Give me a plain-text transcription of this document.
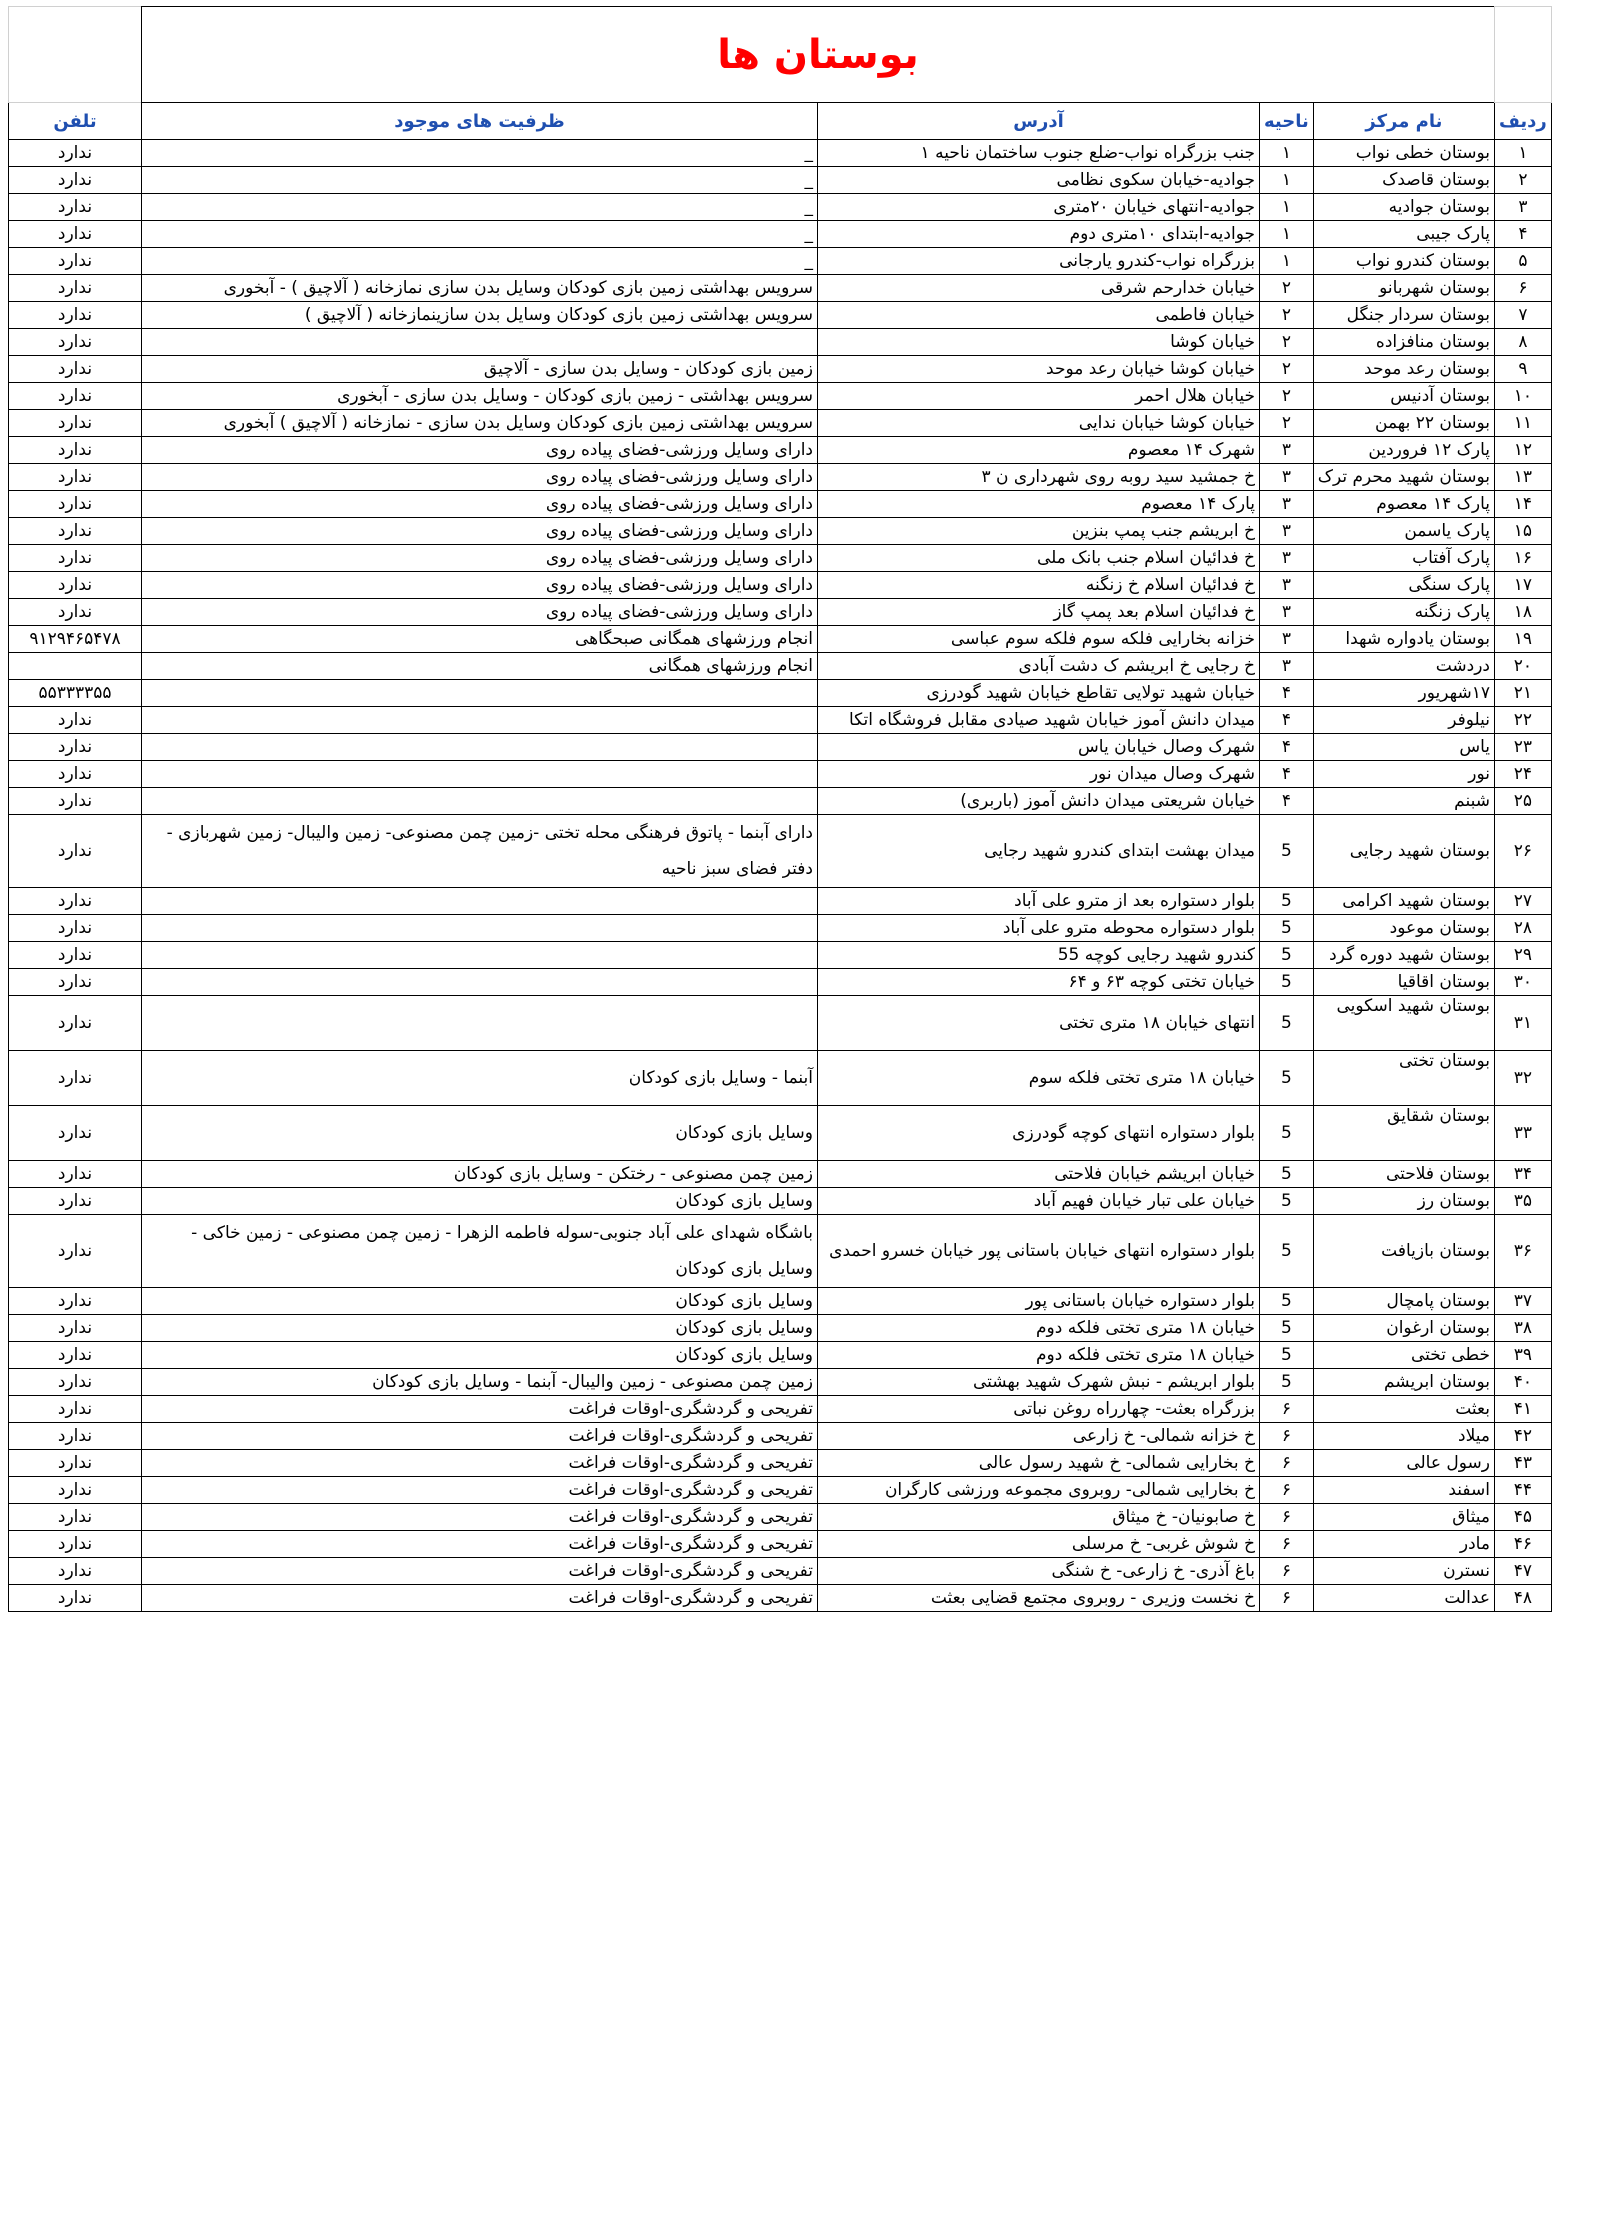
	بوستان ها				
ردیف	نام مرکز	ناحیه	آدرس	ظرفیت های موجود	تلفن
۱	بوستان خطی نواب	۱	جنب بزرگراه نواب-ضلع جنوب ساختمان ناحیه ۱	_	ندارد
۲	بوستان قاصدک	۱	جوادیه-خیابان سکوی نظامی	_	ندارد
۳	بوستان جوادیه	۱	جوادیه-انتهای خیابان ۲۰متری	_	ندارد
۴	پارک جیبی	۱	جوادیه-ابتدای ۱۰متری دوم	_	ندارد
۵	بوستان کندرو نواب	۱	بزرگراه نواب-کندرو یارجانی	_	ندارد
۶	بوستان شهربانو	۲	خیابان خدارحم شرقی	سرویس بهداشتی زمین بازی کودکان وسایل بدن سازی نمازخانه ( آلاچیق ) - آبخوری	ندارد
۷	بوستان سردار جنگل	۲	خیابان فاطمی	سرویس بهداشتی زمین بازی کودکان وسایل بدن سازینمازخانه ( آلاچیق )	ندارد
۸	بوستان منافزاده	۲	خیابان کوشا		ندارد
۹	بوستان رعد موحد	۲	خیابان کوشا خیابان رعد موحد	زمین بازی کودکان - وسایل بدن سازی - آلاچیق	ندارد
۱۰	بوستان آدنیس	۲	خیابان هلال احمر	سرویس بهداشتی - زمین بازی کودکان - وسایل بدن سازی - آبخوری	ندارد
۱۱	بوستان ۲۲ بهمن	۲	خیابان کوشا خیابان ندایی	سرویس بهداشتی زمین بازی کودکان وسایل بدن سازی - نمازخانه ( آلاچیق ) آبخوری	ندارد
۱۲	پارک ۱۲ فروردین	۳	شهرک ۱۴ معصوم	دارای وسایل ورزشی-فضای پیاده روی	ندارد
۱۳	بوستان شهید محرم ترک	۳	خ جمشید سید روبه روی شهرداری ن ۳	دارای وسایل ورزشی-فضای پیاده روی	ندارد
۱۴	پارک ۱۴ معصوم	۳	پارک ۱۴ معصوم	دارای وسایل ورزشی-فضای پیاده روی	ندارد
۱۵	پارک یاسمن	۳	خ ابریشم جنب پمپ بنزین	دارای وسایل ورزشی-فضای پیاده روی	ندارد
۱۶	پارک آفتاب	۳	خ فدائیان اسلام جنب بانک ملی	دارای وسایل ورزشی-فضای پیاده روی	ندارد
۱۷	پارک سنگی	۳	خ فدائیان اسلام خ زنگنه	دارای وسایل ورزشی-فضای پیاده روی	ندارد
۱۸	پارک زنگنه	۳	خ فدائیان اسلام بعد پمپ گاز	دارای وسایل ورزشی-فضای پیاده روی	ندارد
۱۹	بوستان یادواره شهدا	۳	خزانه بخارایی فلکه سوم فلکه سوم عباسی	انجام ورزشهای همگانی صبحگاهی	۹۱۲۹۴۶۵۴۷۸
۲۰	دردشت	۳	خ رجایی خ ابریشم ک دشت آبادی	انجام ورزشهای همگانی	
۲۱	۱۷شهریور	۴	خیابان شهید تولایی تقاطع خیابان شهید گودرزی		۵۵۳۳۳۳۵۵
۲۲	نیلوفر	۴	میدان دانش آموز خیابان شهید صیادی مقابل فروشگاه اتکا		ندارد
۲۳	یاس	۴	شهرک وصال خیابان یاس		ندارد
۲۴	نور	۴	شهرک وصال میدان نور		ندارد
۲۵	شبنم	۴	خیابان شریعتی میدان دانش آموز (باربری)		ندارد
۲۶	بوستان شهید رجایی	5	میدان بهشت ابتدای کندرو شهید رجایی	دارای آبنما - پاتوق فرهنگی محله تختی -زمین چمن مصنوعی- زمین والیبال- زمین شهربازی - دفتر فضای سبز ناحیه	ندارد
۲۷	بوستان شهید اکرامی	5	بلوار دستواره بعد از مترو علی آباد		ندارد
۲۸	بوستان موعود	5	بلوار دستواره محوطه مترو علی آباد		ندارد
۲۹	بوستان شهید دوره گرد	5	کندرو شهید رجایی کوچه 55		ندارد
۳۰	بوستان اقاقیا	5	خیابان تختی کوچه ۶۳ و ۶۴		ندارد
۳۱	بوستان شهید اسکویی	5	انتهای خیابان ۱۸ متری تختی		ندارد
۳۲	بوستان تختی	5	خیابان ۱۸ متری تختی فلکه سوم	آبنما - وسایل بازی کودکان	ندارد
۳۳	بوستان شقایق	5	بلوار دستواره انتهای کوچه گودرزی	وسایل بازی کودکان	ندارد
۳۴	بوستان فلاحتی	5	خیابان ابریشم خیابان فلاحتی	زمین چمن مصنوعی - رختکن - وسایل بازی کودکان	ندارد
۳۵	بوستان رز	5	خیابان علی تبار خیابان فهیم آباد	وسایل بازی کودکان	ندارد
۳۶	بوستان بازیافت	5	بلوار دستواره انتهای خیابان باستانی پور خیابان خسرو احمدی	باشگاه شهدای علی آباد جنوبی-سوله فاطمه الزهرا - زمین چمن مصنوعی - زمین خاکی - وسایل بازی کودکان	ندارد
۳۷	بوستان پامچال	5	بلوار دستواره خیابان باستانی پور	وسایل بازی کودکان	ندارد
۳۸	بوستان ارغوان	5	خیابان ۱۸ متری تختی فلکه دوم	وسایل بازی کودکان	ندارد
۳۹	خطی تختی	5	خیابان ۱۸ متری تختی فلکه دوم	وسایل بازی کودکان	ندارد
۴۰	بوستان ابریشم	5	بلوار ابریشم - نبش شهرک شهید بهشتی	زمین چمن مصنوعی - زمین والیبال- آبنما - وسایل بازی کودکان	ندارد
۴۱	بعثت	۶	بزرگراه بعثت- چهارراه روغن نباتی	تفریحی و گردشگری-اوقات فراغت	ندارد
۴۲	میلاد	۶	خ خزانه شمالی- خ زارعی	تفریحی و گردشگری-اوقات فراغت	ندارد
۴۳	رسول عالی	۶	خ بخارایی شمالی- خ شهید رسول عالی	تفریحی و گردشگری-اوقات فراغت	ندارد
۴۴	اسفند	۶	خ بخارایی شمالی- روبروی مجموعه ورزشی کارگران	تفریحی و گردشگری-اوقات فراغت	ندارد
۴۵	میثاق	۶	خ صابونیان- خ میثاق	تفریحی و گردشگری-اوقات فراغت	ندارد
۴۶	مادر	۶	خ شوش غربی- خ مرسلی	تفریحی و گردشگری-اوقات فراغت	ندارد
۴۷	نسترن	۶	باغ آذری- خ زارعی- خ شنگی	تفریحی و گردشگری-اوقات فراغت	ندارد
۴۸	عدالت	۶	خ نخست وزیری - روبروی مجتمع قضایی بعثت	تفریحی و گردشگری-اوقات فراغت	ندارد
